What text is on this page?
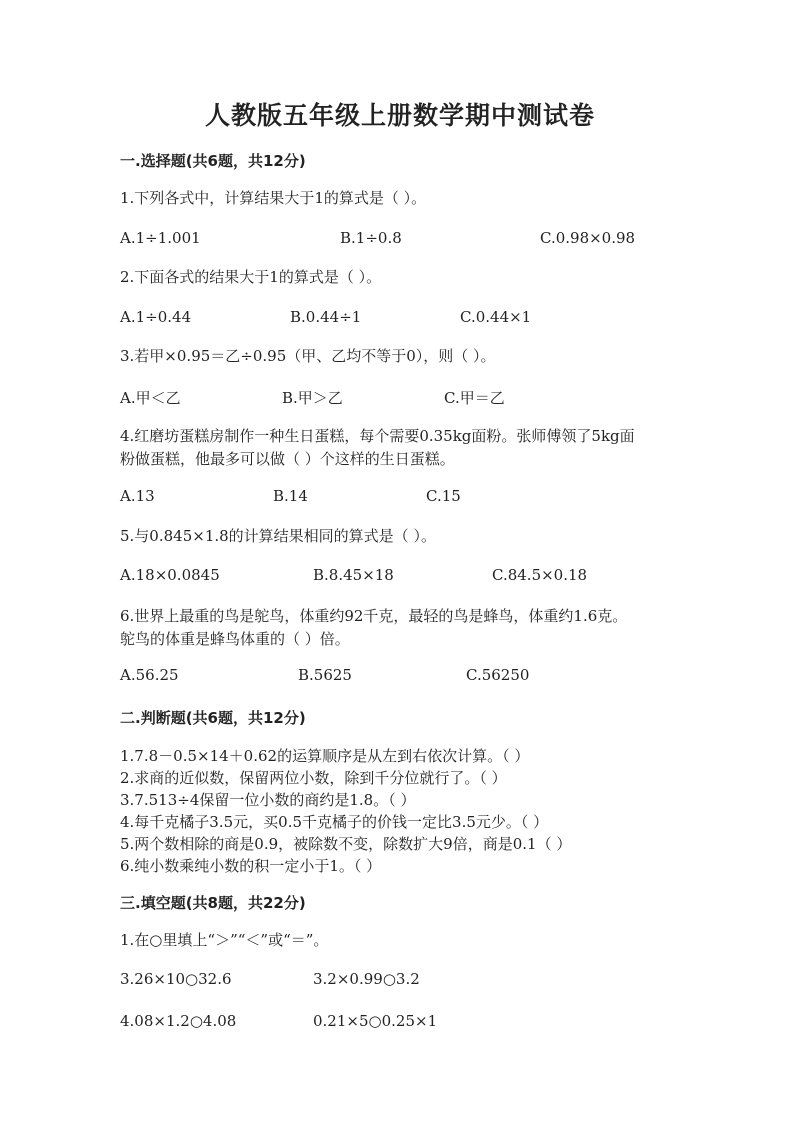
人教版五年级上册数学期中测试卷
一.选择题(共6题，共12分)
1.下列各式中，计算结果大于1的算式是（ ）。
A.1÷1.001	B.1÷0.8	C.0.98×0.98
2.下面各式的结果大于1的算式是（ ）。
A.1÷0.44	B.0.44÷1	C.0.44×1
3.若甲×0.95＝乙÷0.95（甲、乙均不等于0），则（ ）。
A.甲＜乙	B.甲＞乙	C.甲＝乙
4.红磨坊蛋糕房制作一种生日蛋糕，每个需要0.35kg面粉。张师傅领了5kg面
粉做蛋糕，他最多可以做（ ）个这样的生日蛋糕。
A.13	B.14	C.15
5.与0.845×1.8的计算结果相同的算式是（ ）。
A.18×0.0845	B.8.45×18	C.84.5×0.18
6.世界上最重的鸟是鸵鸟，体重约92千克，最轻的鸟是蜂鸟，体重约1.6克。
鸵鸟的体重是蜂鸟体重的（ ）倍。
A.56.25	B.5625	C.56250
二.判断题(共6题，共12分)
1.7.8－0.5×14＋0.62的运算顺序是从左到右依次计算。（ ）
2.求商的近似数，保留两位小数，除到千分位就行了。（ ）
3.7.513÷4保留一位小数的商约是1.8。（ ）
4.每千克橘子3.5元，买0.5千克橘子的价钱一定比3.5元少。（ ）
5.两个数相除的商是0.9，被除数不变，除数扩大9倍，商是0.1（ ）
6.纯小数乘纯小数的积一定小于1。（ ）
三.填空题(共8题，共22分)
1.在○里填上“＞”“＜”或“＝”。
3.26×10○32.6	3.2×0.99○3.2
4.08×1.2○4.08	0.21×5○0.25×1
